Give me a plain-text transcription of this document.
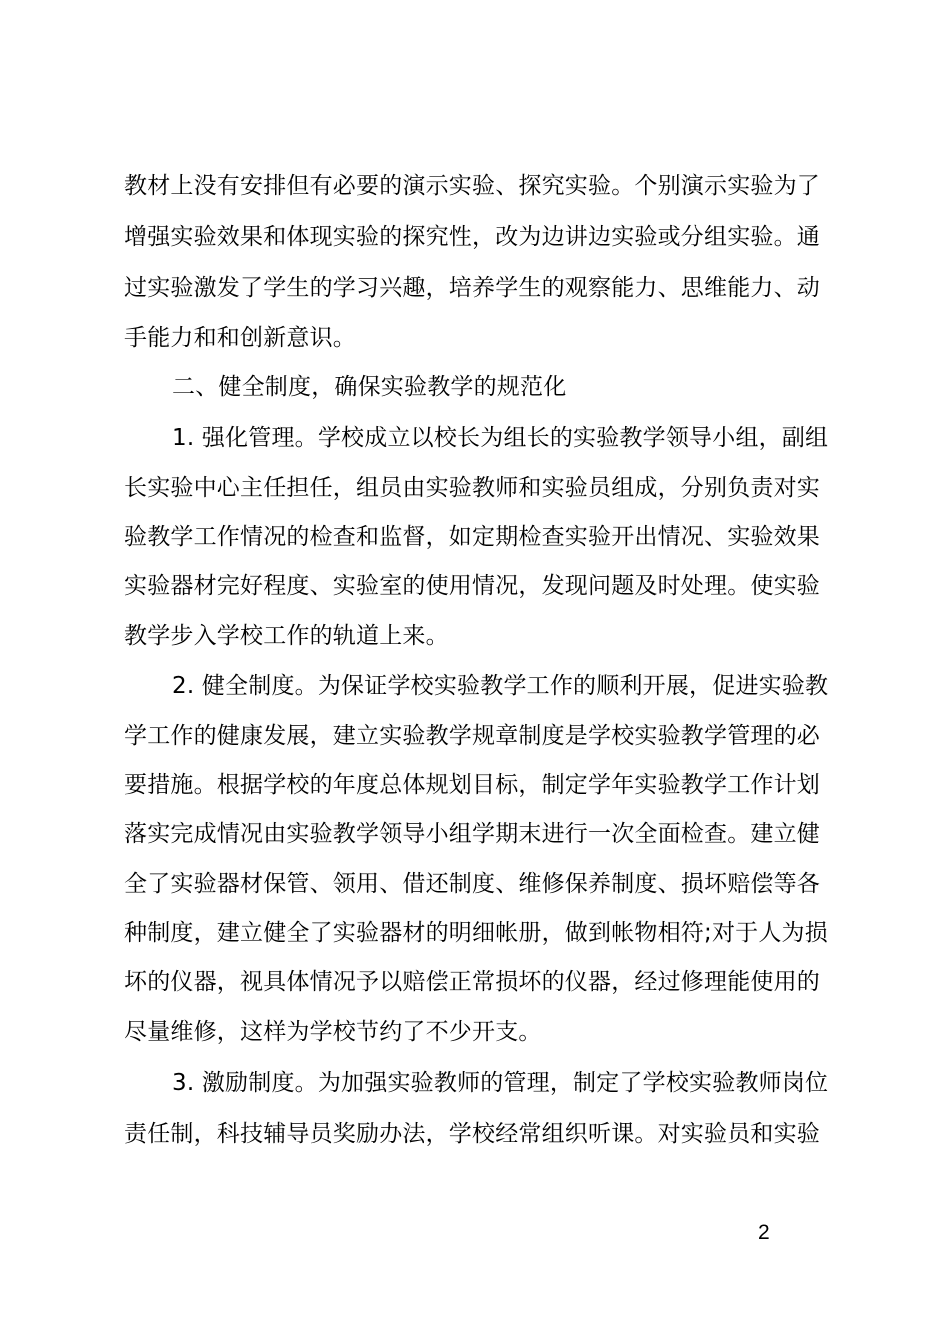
教材上没有安排但有必要的演示实验、探究实验。个别演示实验为了
增强实验效果和体现实验的探究性，改为边讲边实验或分组实验。通
过实验激发了学生的学习兴趣，培养学生的观察能力、思维能力、动
手能力和和创新意识。
二、健全制度，确保实验教学的规范化
1. 强化管理。学校成立以校长为组长的实验教学领导小组，副组
长实验中心主任担任，组员由实验教师和实验员组成，分别负责对实
验教学工作情况的检查和监督，如定期检查实验开出情况、实验效果
实验器材完好程度、实验室的使用情况，发现问题及时处理。使实验
教学步入学校工作的轨道上来。
2. 健全制度。为保证学校实验教学工作的顺利开展，促进实验教
学工作的健康发展，建立实验教学规章制度是学校实验教学管理的必
要措施。根据学校的年度总体规划目标，制定学年实验教学工作计划
落实完成情况由实验教学领导小组学期末进行一次全面检查。建立健
全了实验器材保管、领用、借还制度、维修保养制度、损坏赔偿等各
种制度，建立健全了实验器材的明细帐册，做到帐物相符;对于人为损
坏的仪器，视具体情况予以赔偿正常损坏的仪器，经过修理能使用的
尽量维修，这样为学校节约了不少开支。
3. 激励制度。为加强实验教师的管理，制定了学校实验教师岗位
责任制，科技辅导员奖励办法，学校经常组织听课。对实验员和实验
2
